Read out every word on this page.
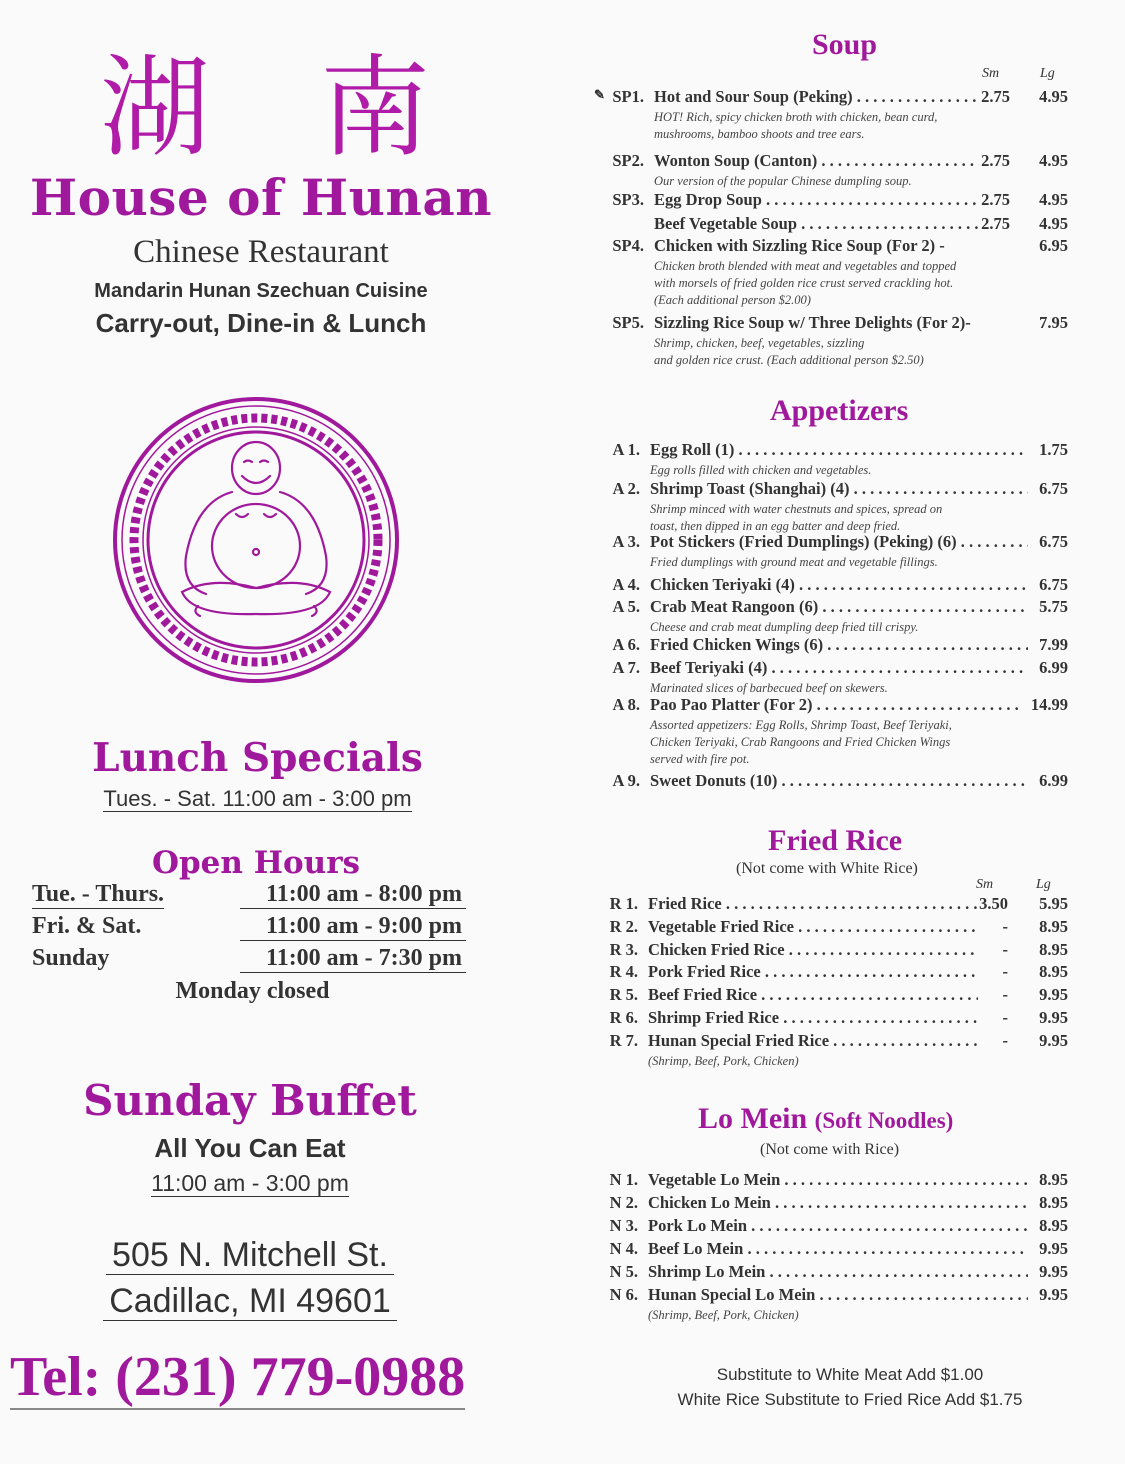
湖 南
House of Hunan
Chinese Restaurant
Mandarin Hunan Szechuan Cuisine
Carry-out, Dine-in & Lunch
Lunch Specials
Tues. - Sat. 11:00 am - 3:00 pm
Open Hours
Tue. - Thurs.	11:00 am - 8:00 pm
Fri. & Sat.	11:00 am - 9:00 pm
Sunday	11:00 am - 7:30 pm
Monday closed
Sunday Buffet
All You Can Eat
11:00 am - 3:00 pm
505 N. Mitchell St.
Cadillac, MI 49601
Tel: (231) 779-0988
Soup
Sm	Lg
SP1.
✎	Hot and Sour Soup (Peking) . . .	2.75 4.95
HOT! Rich, spicy chicken broth with chicken, bean curd,
mushrooms, bamboo shoots and tree ears.
SP2. Wonton Soup (Canton) . . .	2.75 4.95
Our version of the popular Chinese dumpling soup.
SP3. Egg Drop Soup . . .	2.75 4.95
Beef Vegetable Soup . . .	2.75 4.95
SP4. Chicken with Sizzling Rice Soup (For 2) -	6.95
Chicken broth blended with meat and vegetables and topped
with morsels of fried golden rice crust served crackling hot.
(Each additional person $2.00)
SP5. Sizzling Rice Soup w/ Three Delights (For 2)-	7.95
Shrimp, chicken, beef, vegetables, sizzling
and golden rice crust. (Each additional person $2.50)
Appetizers
A 1. Egg Roll (1) . . .	1.75
Egg rolls filled with chicken and vegetables.
A 2. Shrimp Toast (Shanghai) (4) . . .	6.75
Shrimp minced with water chestnuts and spices, spread on
toast, then dipped in an egg batter and deep fried.
A 3. Pot Stickers (Fried Dumplings) (Peking) (6) . . .	6.75
Fried dumplings with ground meat and vegetable fillings.
A 4. Chicken Teriyaki (4) . . .	6.75
A 5. Crab Meat Rangoon (6) . . .	5.75
Cheese and crab meat dumpling deep fried till crispy.
A 6. Fried Chicken Wings (6) . . .	7.99
A 7. Beef Teriyaki (4) . . .	6.99
Marinated slices of barbecued beef on skewers.
A 8. Pao Pao Platter (For 2) . . .	14.99
Assorted appetizers: Egg Rolls, Shrimp Toast, Beef Teriyaki,
Chicken Teriyaki, Crab Rangoons and Fried Chicken Wings
served with fire pot.
A 9. Sweet Donuts (10) . . .	6.99
Fried Rice
(Not come with White Rice)
Sm	Lg
R 1. Fried Rice . . .	3.50 5.95
R 2. Vegetable Fried Rice . . .	- 8.95
R 3. Chicken Fried Rice . . .	- 8.95
R 4. Pork Fried Rice . . .	- 8.95
R 5. Beef Fried Rice . . .	- 9.95
R 6. Shrimp Fried Rice . . .	- 9.95
R 7. Hunan Special Fried Rice . . .	- 9.95
(Shrimp, Beef, Pork, Chicken)
Lo Mein (Soft Noodles)
(Not come with Rice)
N 1. Vegetable Lo Mein . . .	8.95
N 2. Chicken Lo Mein . . .	8.95
N 3. Pork Lo Mein . . .	8.95
N 4. Beef Lo Mein . . .	9.95
N 5. Shrimp Lo Mein . . .	9.95
N 6. Hunan Special Lo Mein . . .	9.95
(Shrimp, Beef, Pork, Chicken)
Substitute to White Meat Add $1.00
White Rice Substitute to Fried Rice Add $1.75
